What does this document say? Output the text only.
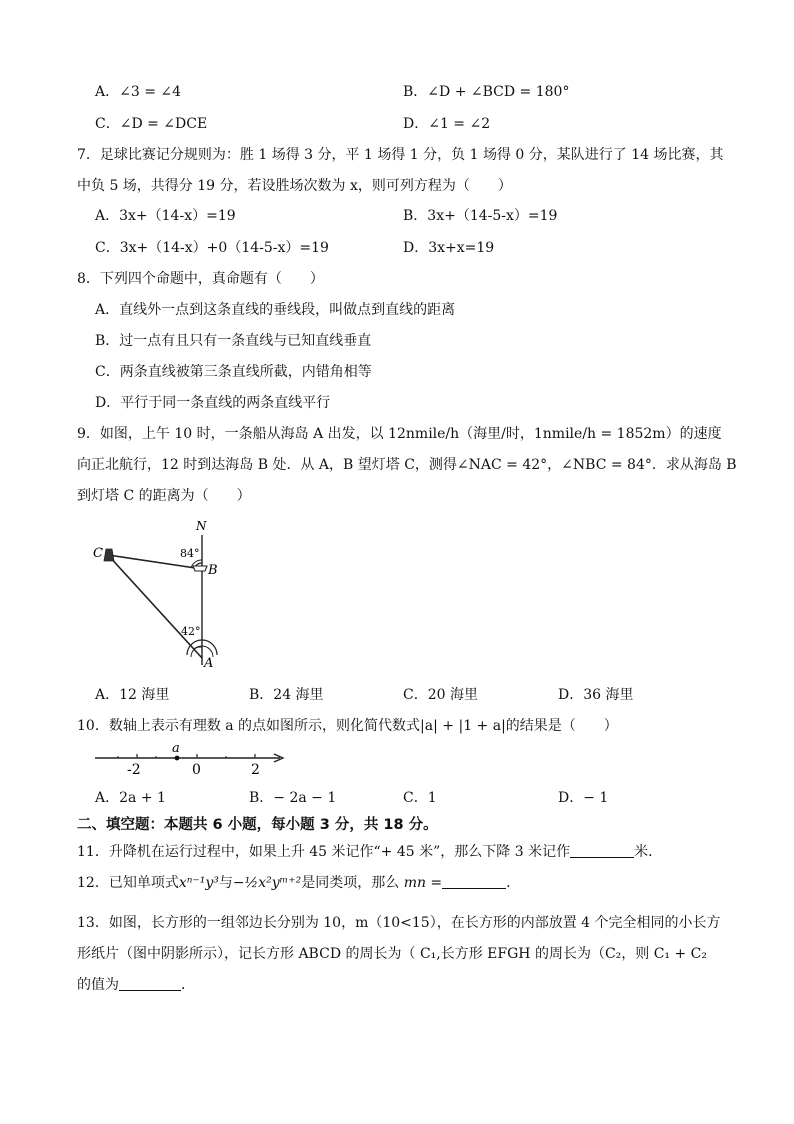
A．∠3 = ∠4	B．∠D + ∠BCD = 180°
C．∠D = ∠DCE	D．∠1 = ∠2
7．足球比赛记分规则为：胜 1 场得 3 分，平 1 场得 1 分，负 1 场得 0 分，某队进行了 14 场比赛，其
中负 5 场，共得分 19 分，若设胜场次数为 x，则可列方程为（　　）
A．3x+（14-x）=19	B．3x+（14-5-x）=19
C．3x+（14-x）+0（14-5-x）=19	D．3x+x=19
8．下列四个命题中，真命题有（　　）
A．直线外一点到这条直线的垂线段，叫做点到直线的距离
B．过一点有且只有一条直线与已知直线垂直
C．两条直线被第三条直线所截，内错角相等
D．平行于同一条直线的两条直线平行
9．如图，上午 10 时，一条船从海岛 A 出发，以 12nmile/h（海里/时，1nmile/h = 1852m）的速度
向正北航行，12 时到达海岛 B 处．从 A，B 望灯塔 C，测得∠NAC = 42°，∠NBC = 84°．求从海岛 B
到灯塔 C 的距离为（　　）
N
C
B
A
84°
42°
A．12 海里	B．24 海里	C．20 海里	D．36 海里
10．数轴上表示有理数 a 的点如图所示，则化简代数式|a| + |1 + a|的结果是（　　）
a
-2	0	2
A．2a + 1	B．− 2a − 1	C．1	D．− 1
二、填空题：本题共 6 小题，每小题 3 分，共 18 分。
11．升降机在运行过程中，如果上升 45 米记作“+ 45 米”，那么下降 3 米记作	米．
12．已知单项式xⁿ⁻¹y³与−½x²yᵐ⁺²是同类项，那么 mn =	．
13．如图，长方形的一组邻边长分别为 10，m（10<15），在长方形的内部放置 4 个完全相同的小长方
形纸片（图中阴影所示），记长方形 ABCD 的周长为（ C₁,长方形 EFGH 的周长为（C₂，则 C₁ + C₂
的值为	．
